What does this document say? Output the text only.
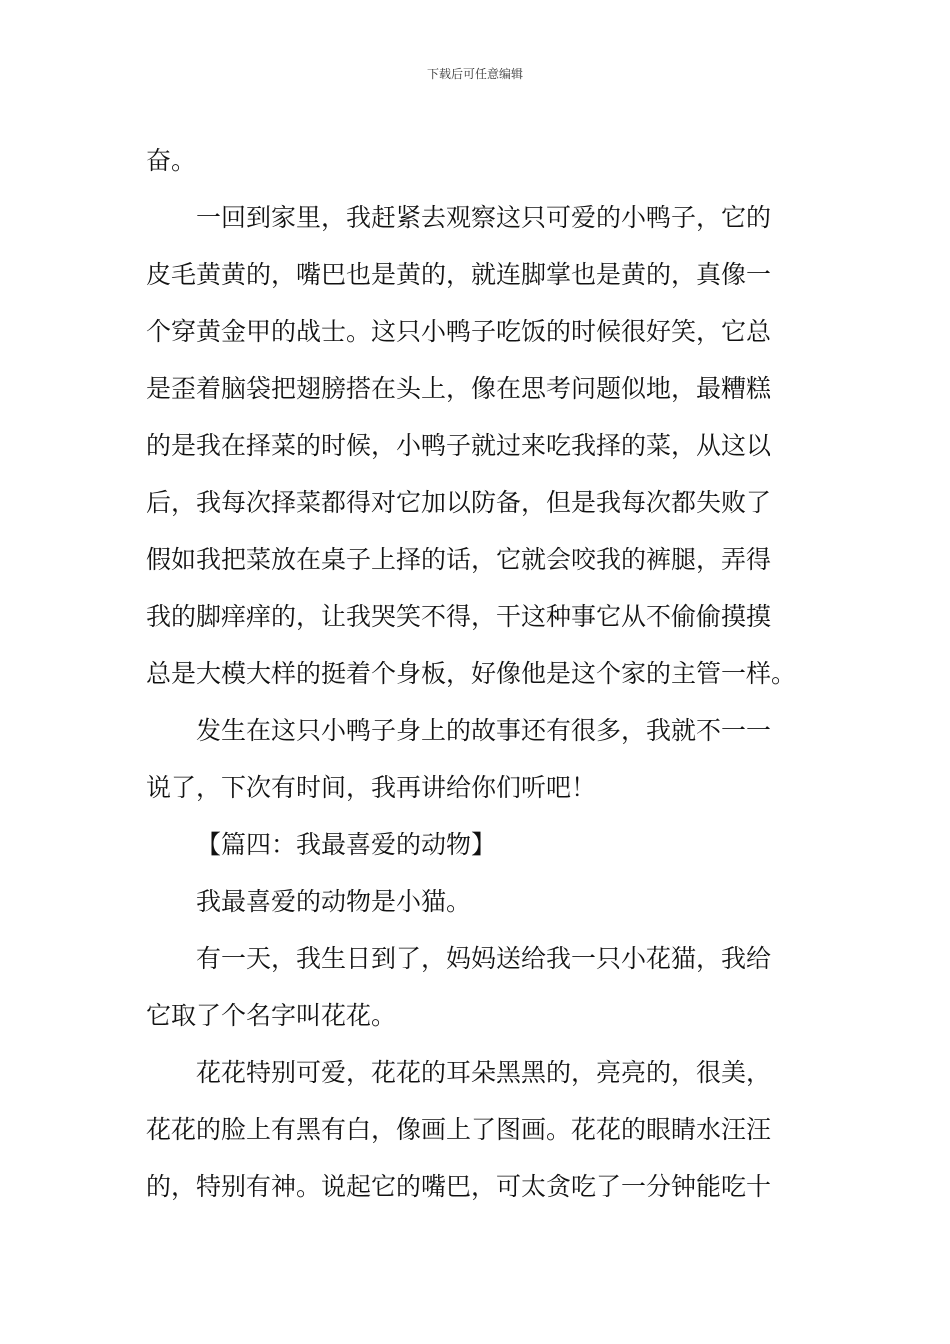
下载后可任意编辑
奋。
一回到家里，我赶紧去观察这只可爱的小鸭子，它的
皮毛黄黄的，嘴巴也是黄的，就连脚掌也是黄的，真像一
个穿黄金甲的战士。这只小鸭子吃饭的时候很好笑，它总
是歪着脑袋把翅膀搭在头上，像在思考问题似地，最糟糕
的是我在择菜的时候，小鸭子就过来吃我择的菜，从这以
后，我每次择菜都得对它加以防备，但是我每次都失败了
假如我把菜放在桌子上择的话，它就会咬我的裤腿，弄得
我的脚痒痒的，让我哭笑不得，干这种事它从不偷偷摸摸
总是大模大样的挺着个身板，好像他是这个家的主管一样。
发生在这只小鸭子身上的故事还有很多，我就不一一
说了，下次有时间，我再讲给你们听吧！
【篇四：我最喜爱的动物】
我最喜爱的动物是小猫。
有一天，我生日到了，妈妈送给我一只小花猫，我给
它取了个名字叫花花。
花花特别可爱，花花的耳朵黑黑的，亮亮的，很美，
花花的脸上有黑有白，像画上了图画。花花的眼睛水汪汪
的，特别有神。说起它的嘴巴，可太贪吃了一分钟能吃十
